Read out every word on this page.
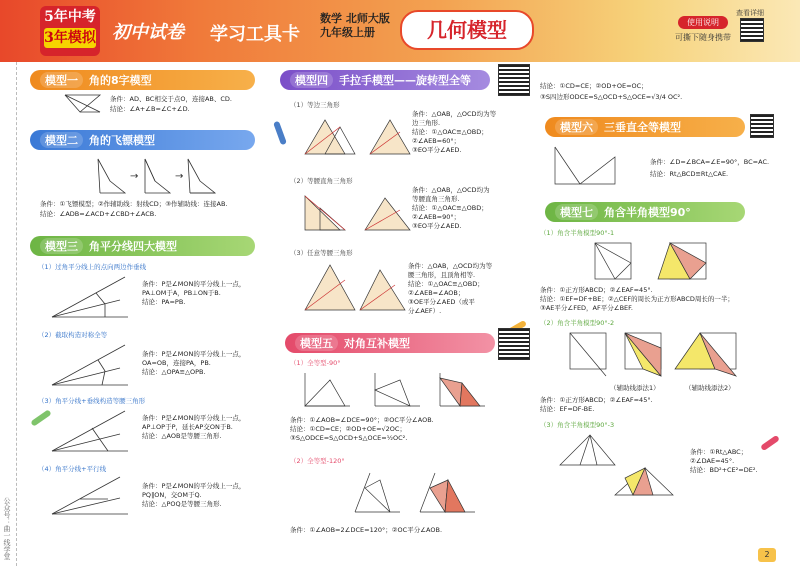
5年中考
3年模拟 初中试卷 学习工具卡
数学 北师大版
九年级上册	几何模型	使用说明
可撕下随身携带
查看详细
公众号：曲一线学堂
模型一	角的8字模型
条件：AD、BC相交于点O，连接AB、CD.
结论：∠A+∠B=∠C+∠D.
模型二	角的飞镖模型
→	→
条件：①飞镖模型；②作辅助线：射线CD；③作辅助线：连接AB.
结论：∠ADB=∠ACD+∠CBD+∠ACB.
模型三	角平分线四大模型
（1）过角平分线上的点向两边作垂线
条件：P是∠MON的平分线上一点，
PA⊥OM于A，PB⊥ON于B.
结论：PA=PB.
（2）截取构造对称全等
条件：P是∠MON的平分线上一点，
OA=OB，连接PA，PB.
结论：△OPA≌△OPB.
（3）角平分线+垂线构造等腰三角形
条件：P是∠MON的平分线上一点，
AP⊥OP于P，延长AP交ON于B.
结论：△AOB是等腰三角形.
（4）角平分线+平行线
条件：P是∠MON的平分线上一点，
PQ∥ON，交OM于Q.
结论：△POQ是等腰三角形.
模型四	手拉手模型——旋转型全等
（1）等边三角形
条件：△OAB，△OCD均为等
边三角形.
结论：①△OAC≌△OBD；
②∠AEB=60°；
③EO平分∠AED.
（2）等腰直角三角形
条件：△OAB，△OCD均为
等腰直角三角形.
结论：①△OAC≌△OBD；
②∠AEB=90°；
③EO平分∠AED.
（3）任意等腰三角形
条件：△OAB，△OCD均为等
腰三角形，且顶角相等.
结论：①△OAC≌△OBD；
②∠AEB=∠AOB；
③OE平分∠AED（或平
分∠AEF）.
模型五	对角互补模型
（1）全等型-90°
条件：①∠AOB=∠DCE=90°；②OC平分∠AOB.
结论：①CD=CE；②OD+OE=√2OC；
③S△ODCE=S△OCD+S△OCE=½OC².
（2）全等型-120°
条件：①∠AOB=2∠DCE=120°；②OC平分∠AOB.
结论：①CD=CE；②OD+OE=OC；
③S四边形ODCE=S△OCD+S△OCE=√3/4 OC².
模型六	三垂直全等模型
条件：∠D=∠BCA=∠E=90°，BC=AC.
结论：Rt△BCD≌Rt△CAE.
模型七	角含半角模型90°
（1）角含半角模型90°-1
条件：①正方形ABCD；②∠EAF=45°.
结论：①EF=DF+BE；②△CEF的周长为正方形ABCD周长的一半；
③AE平分∠FED，AF平分∠BEF.
（2）角含半角模型90°-2
（辅助线添法1）	（辅助线添法2）
条件：①正方形ABCD；②∠EAF=45°.
结论：EF=DF-BE.
（3）角含半角模型90°-3
条件：①Rt△ABC；
②∠DAE=45°.
结论：BD²+CE²=DE².
2
